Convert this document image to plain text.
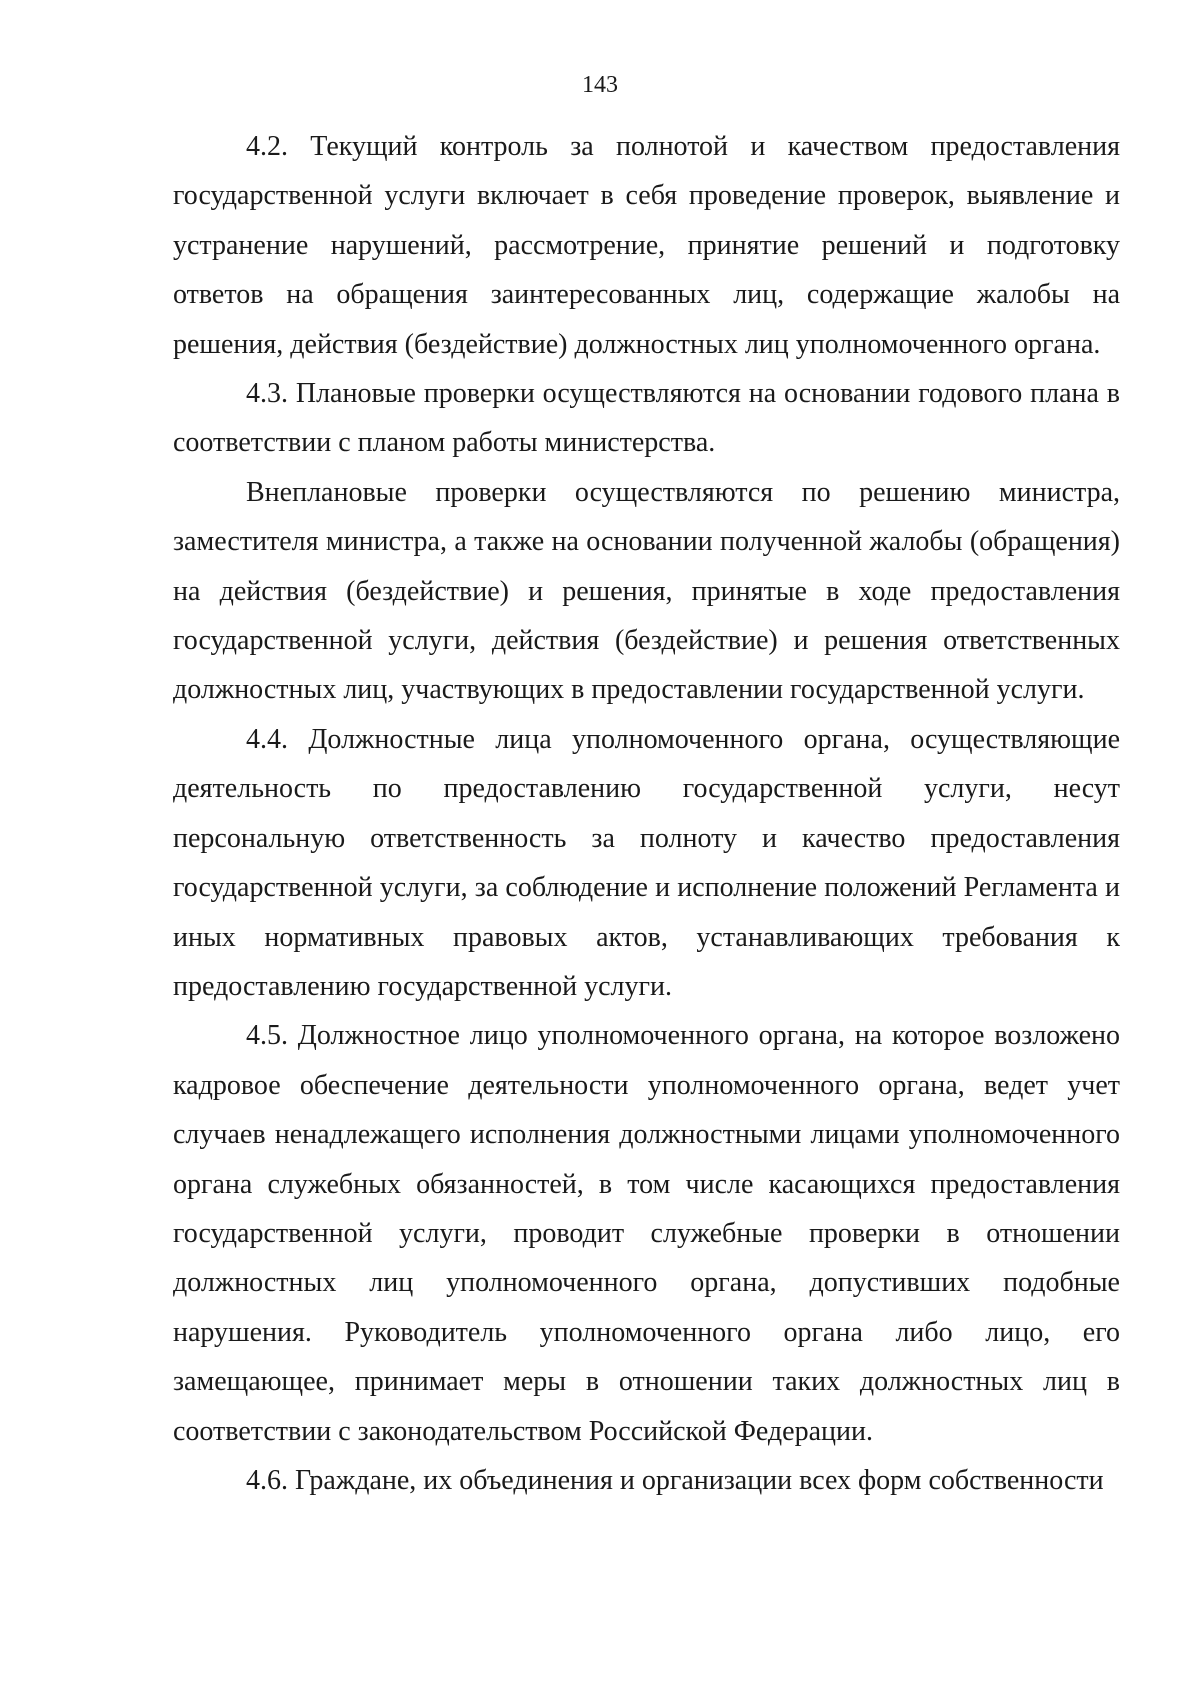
143

4.2. Текущий контроль за полнотой и качеством предоставления государственной услуги включает в себя проведение проверок, выявление и устранение нарушений, рассмотрение, принятие решений и подготовку ответов на обращения заинтересованных лиц, содержащие жалобы на решения, действия (бездействие) должностных лиц уполномоченного органа.

4.3. Плановые проверки осуществляются на основании годового плана в соответствии с планом работы министерства.

Внеплановые проверки осуществляются по решению министра, заместителя министра, а также на основании полученной жалобы (обращения) на действия (бездействие) и решения, принятые в ходе предоставления государственной услуги, действия (бездействие) и решения ответственных должностных лиц, участвующих в предоставлении государственной услуги.

4.4. Должностные лица уполномоченного органа, осуществляющие деятельность по предоставлению государственной услуги, несут персональную ответственность за полноту и качество предоставления государственной услуги, за соблюдение и исполнение положений Регламента и иных нормативных правовых актов, устанавливающих требования к предоставлению государственной услуги.

4.5. Должностное лицо уполномоченного органа, на которое возложено кадровое обеспечение деятельности уполномоченного органа, ведет учет случаев ненадлежащего исполнения должностными лицами уполномоченного органа служебных обязанностей, в том числе касающихся предоставления государственной услуги, проводит служебные проверки в отношении должностных лиц уполномоченного органа, допустивших подобные нарушения. Руководитель уполномоченного органа либо лицо, его замещающее, принимает меры в отношении таких должностных лиц в соответствии с законодательством Российской Федерации.

4.6. Граждане, их объединения и организации всех форм собственности
